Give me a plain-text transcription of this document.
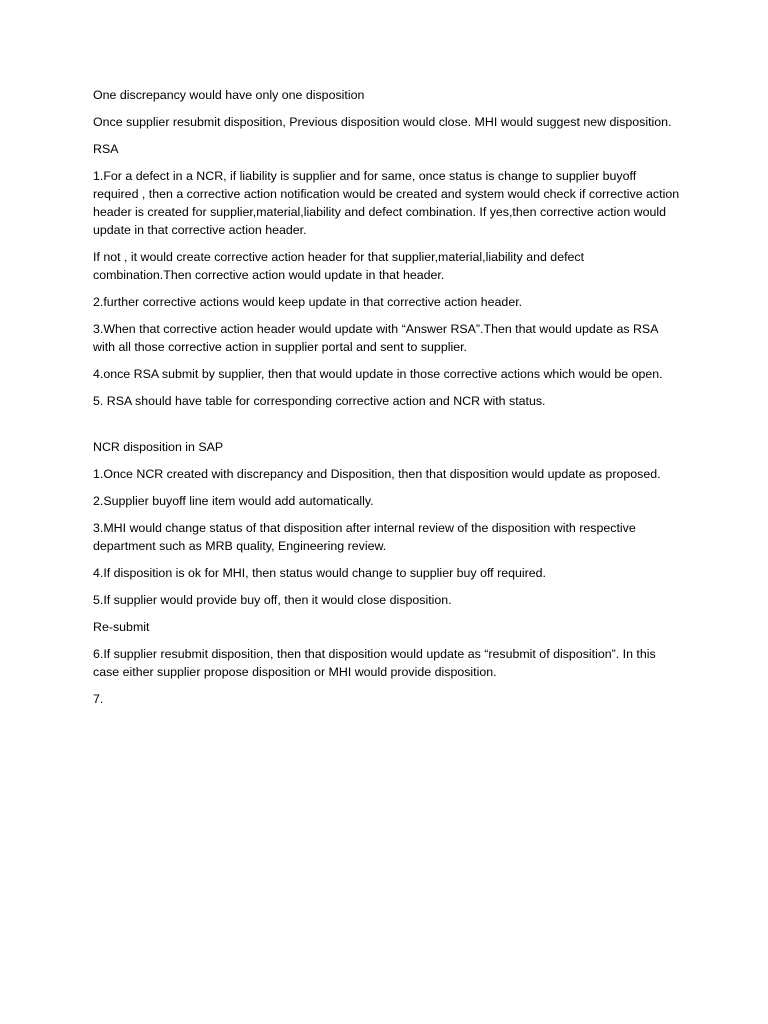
One discrepancy would have only one disposition

Once supplier resubmit disposition, Previous disposition would close. MHI would suggest new disposition.

RSA

1.For a defect in a NCR, if liability is supplier and for same, once status is change to supplier buyoff required , then a corrective action notification would be created and system would check if corrective action header is created for supplier,material,liability and defect combination. If yes,then corrective action would update in that corrective action header.

If not , it would create corrective action header for that supplier,material,liability and defect combination.Then corrective action would update in that header.

2.further corrective actions would keep update in that corrective action header.

3.When that corrective action header would update with “Answer RSA”.Then that would update as RSA with all those corrective action in supplier portal and sent to supplier.

4.once RSA submit by supplier, then that would update in those corrective actions which would be open.

5. RSA should have table for corresponding corrective action and NCR with status.

NCR disposition in SAP

1.Once NCR created with discrepancy and Disposition, then that disposition would update as proposed.

2.Supplier buyoff line item would add automatically.

3.MHI would change status of that disposition after internal review of the disposition with respective department such as MRB quality, Engineering review.

4.If disposition is ok for MHI, then status would change to supplier buy off required.

5.If supplier would provide buy off, then it would close disposition.

Re-submit

6.If supplier resubmit disposition, then that disposition would update as “resubmit of disposition”. In this case either supplier propose disposition or MHI would provide disposition.

7.
